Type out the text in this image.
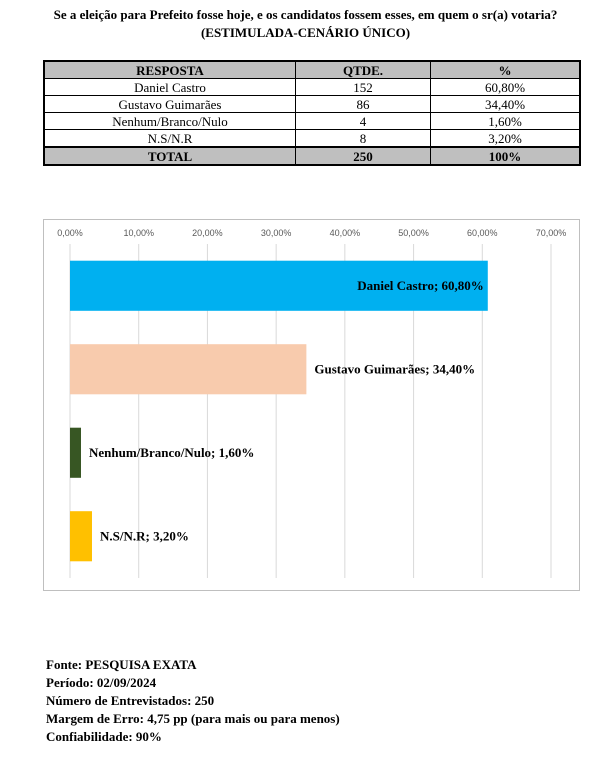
Se a eleição para Prefeito fosse hoje, e os candidatos fossem esses, em quem o sr(a) votaria?
(ESTIMULADA-CENÁRIO ÚNICO)
RESPOSTA	QTDE.	%
Daniel Castro	152	60,80%
Gustavo Guimarães	86	34,40%
Nenhum/Branco/Nulo	4	1,60%
N.S/N.R	8	3,20%
TOTAL	250	100%
0,00%	10,00%	20,00%	30,00%	40,00%	50,00%	60,00%	70,00%
Daniel Castro; 60,80%
Gustavo Guimarães; 34,40%
Nenhum/Branco/Nulo; 1,60%
N.S/N.R; 3,20%
Fonte: PESQUISA EXATA
Período: 02/09/2024
Número de Entrevistados: 250
Margem de Erro: 4,75 pp (para mais ou para menos)
Confiabilidade: 90%
